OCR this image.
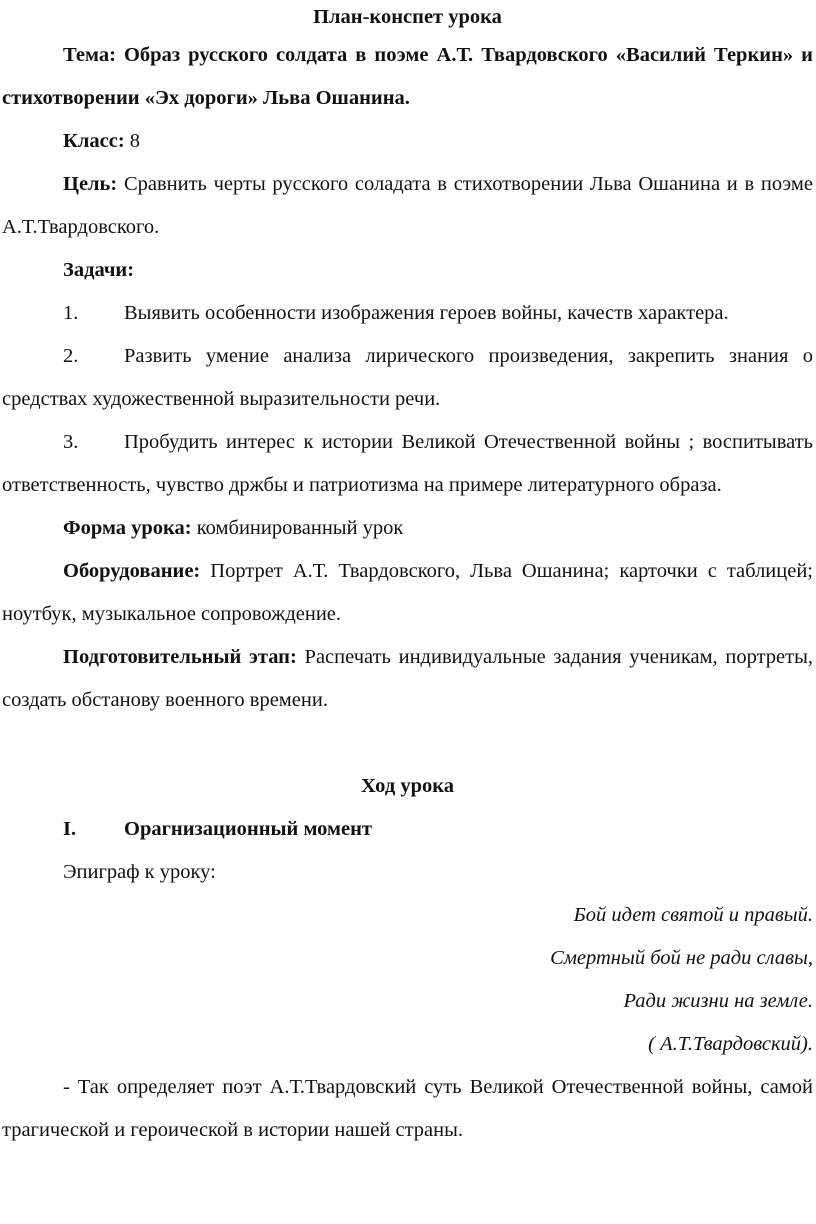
План-конспет урока

Тема: Образ русского солдата в поэме А.Т. Твардовского «Василий Теркин» и стихотворении «Эх дороги» Льва Ошанина.

Класс: 8

Цель: Сравнить черты русского соладата в стихотворении Льва Ошанина и в поэме А.Т.Твардовского.

Задачи:

1. Выявить особенности изображения героев войны, качеств характера.

2. Развить умение анализа лирического произведения, закрепить знания о средствах художественной выразительности речи.

3. Пробудить интерес к истории Великой Отечественной войны ; воспитывать ответственность, чувство држбы и патриотизма на примере литературного образа.

Форма урока: комбинированный урок

Оборудование: Портрет А.Т. Твардовского, Льва Ошанина; карточки с таблицей; ноутбук, музыкальное сопровождение.

Подготовительный этап: Распечать индивидуальные задания ученикам, портреты, создать обстанову военного времени.

Ход урока

I. Oрагнизационный момент

Эпиграф к уроку:

Бой идет святой и правый.

Смертный бой не ради славы,

Ради жизни на земле.

( А.Т.Твардовский).

- Так определяет поэт А.Т.Твардовский суть Великой Отечественной войны, самой трагической и героической в истории нашей страны.
